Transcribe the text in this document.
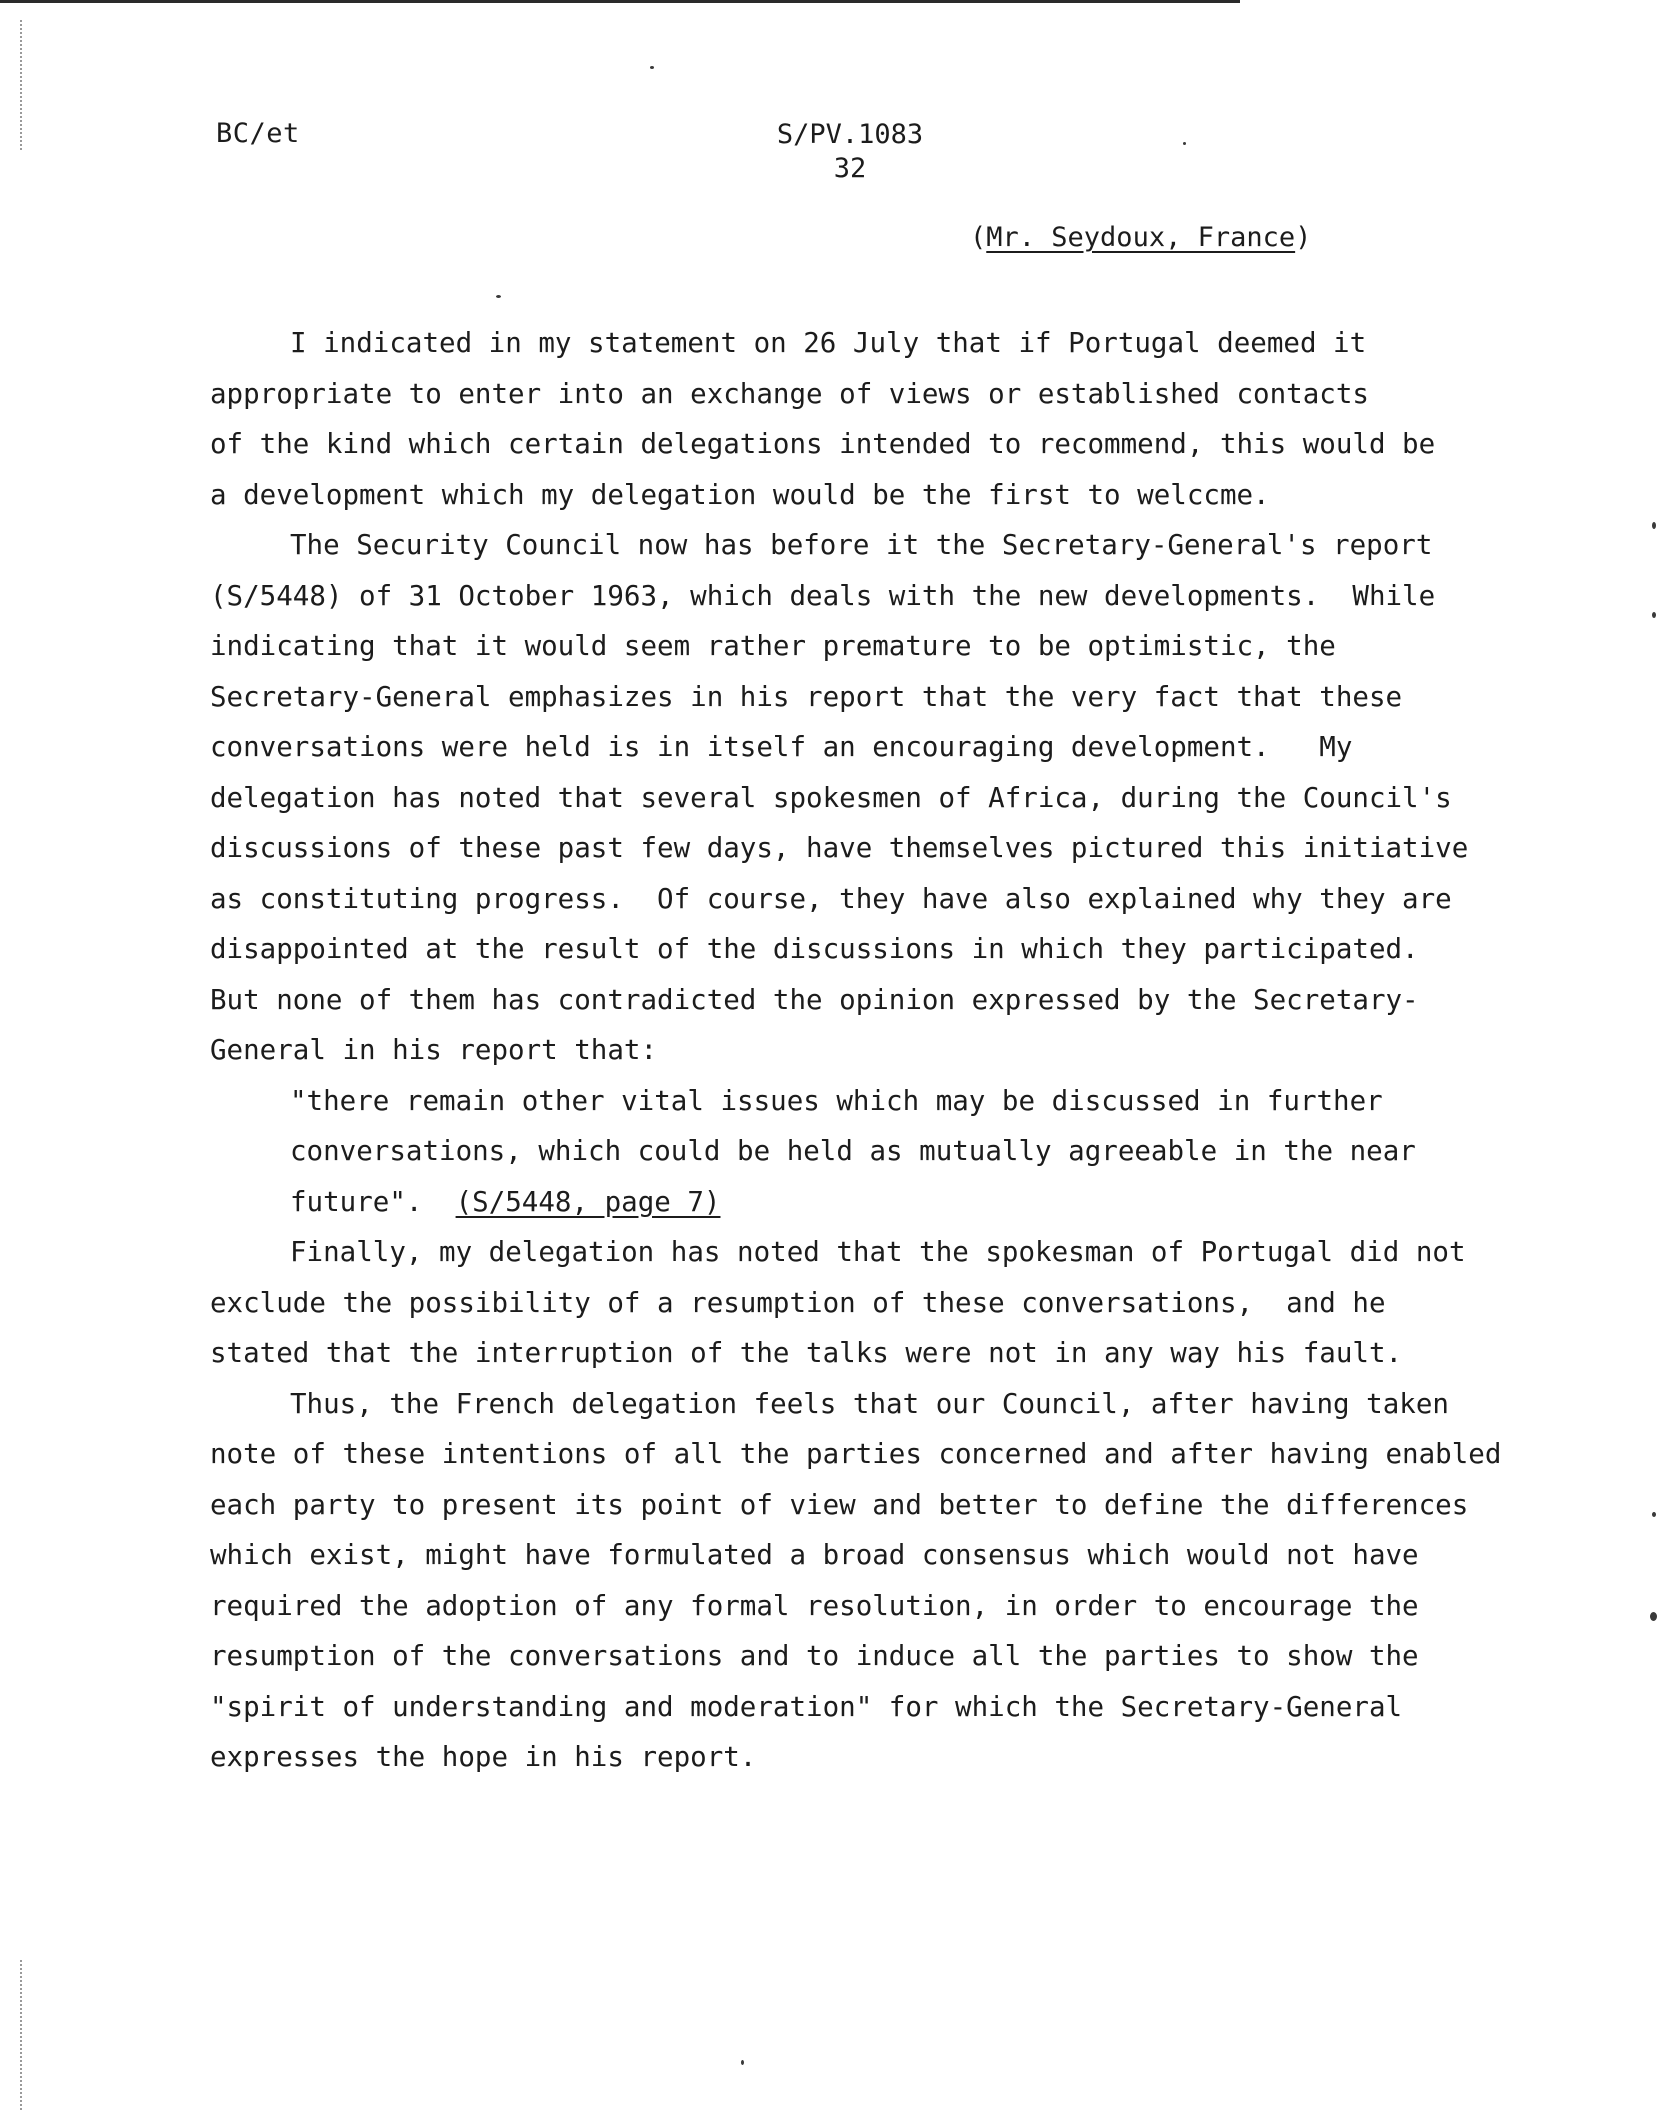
BC/et	S/PV.1083
32
(Mr. Seydoux, France)

I indicated in my statement on 26 July that if Portugal deemed it
appropriate to enter into an exchange of views or established contacts
of the kind which certain delegations intended to recommend, this would be
a development which my delegation would be the first to welccme.

The Security Council now has before it the Secretary-General's report
(S/5448) of 31 October 1963, which deals with the new developments.  While
indicating that it would seem rather premature to be optimistic, the
Secretary-General emphasizes in his report that the very fact that these
conversations were held is in itself an encouraging development.   My
delegation has noted that several spokesmen of Africa, during the Council's
discussions of these past few days, have themselves pictured this initiative
as constituting progress.  Of course, they have also explained why they are
disappointed at the result of the discussions in which they participated.
But none of them has contradicted the opinion expressed by the Secretary-
General in his report that:

"there remain other vital issues which may be discussed in further
conversations, which could be held as mutually agreeable in the near
future". (S/5448, page 7)

Finally, my delegation has noted that the spokesman of Portugal did not
exclude the possibility of a resumption of these conversations,  and he
stated that the interruption of the talks were not in any way his fault.

Thus, the French delegation feels that our Council, after having taken
note of these intentions of all the parties concerned and after having enabled
each party to present its point of view and better to define the differences
which exist, might have formulated a broad consensus which would not have
required the adoption of any formal resolution, in order to encourage the
resumption of the conversations and to induce all the parties to show the
"spirit of understanding and moderation" for which the Secretary-General
expresses the hope in his report.
